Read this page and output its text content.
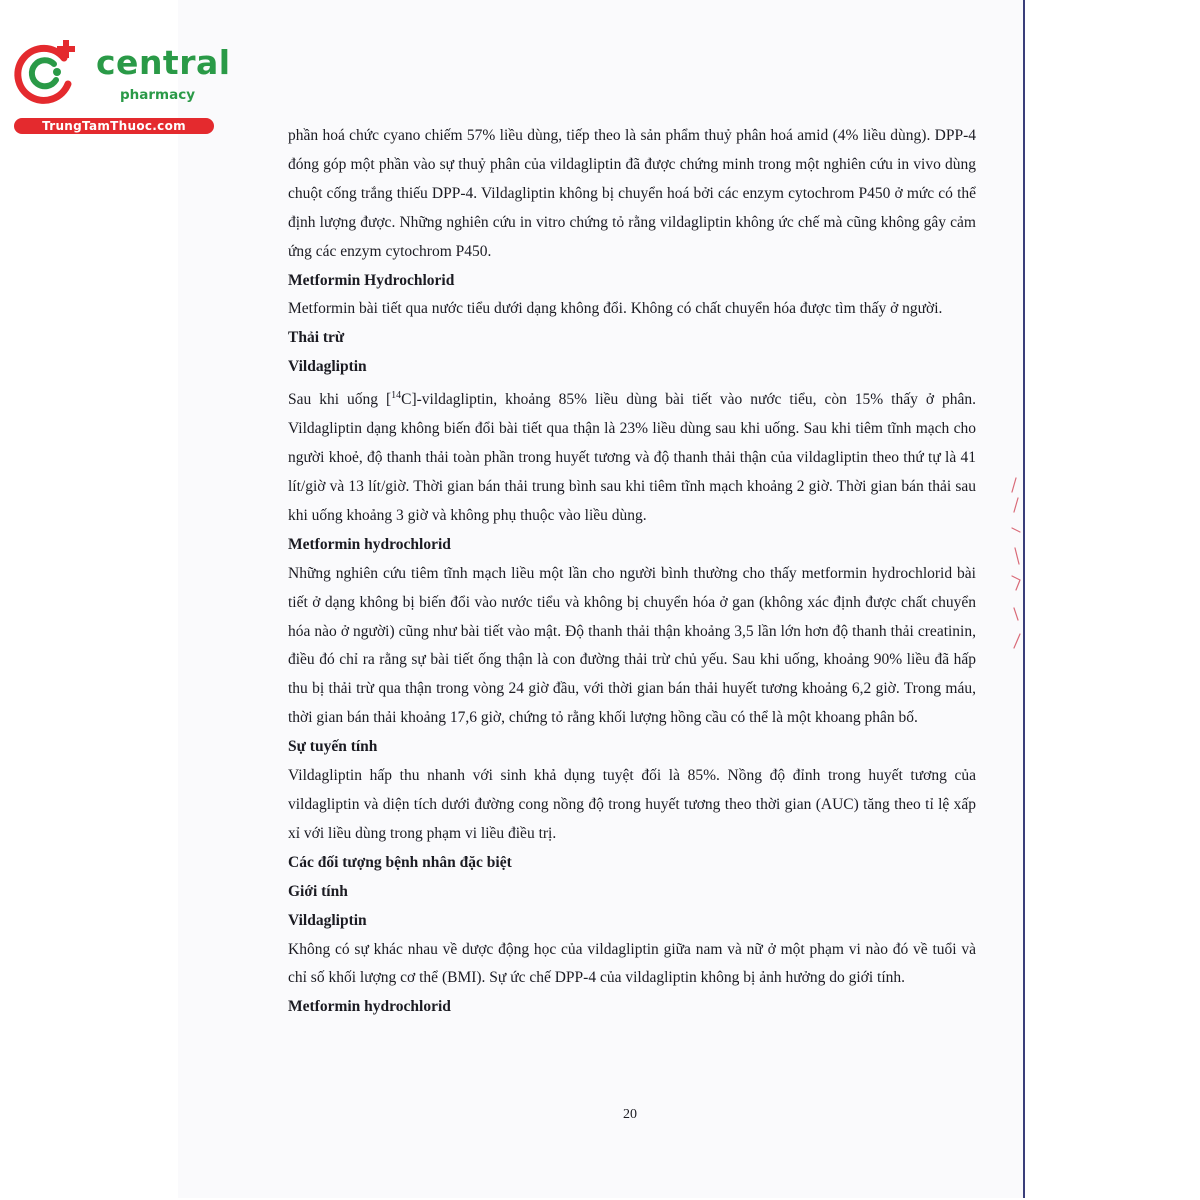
central
pharmacy
TrungTamThuoc.com

phần hoá chức cyano chiếm 57% liều dùng, tiếp theo là sản phẩm thuỷ phân hoá amid (4% liều dùng). DPP-4 đóng góp một phần vào sự thuỷ phân của vildagliptin đã được chứng minh trong một nghiên cứu in vivo dùng chuột cống trắng thiếu DPP-4. Vildagliptin không bị chuyển hoá bởi các enzym cytochrom P450 ở mức có thể định lượng được. Những nghiên cứu in vitro chứng tỏ rằng vildagliptin không ức chế mà cũng không gây cảm ứng các enzym cytochrom P450.

Metformin Hydrochlorid

Metformin bài tiết qua nước tiểu dưới dạng không đổi. Không có chất chuyển hóa được tìm thấy ở người.

Thải trừ

Vildagliptin

Sau khi uống [$^{14}$C]-vildagliptin, khoảng 85% liều dùng bài tiết vào nước tiểu, còn 15% thấy ở phân. Vildagliptin dạng không biến đổi bài tiết qua thận là 23% liều dùng sau khi uống. Sau khi tiêm tĩnh mạch cho người khoẻ, độ thanh thải toàn phần trong huyết tương và độ thanh thải thận của vildagliptin theo thứ tự là 41 lít/giờ và 13 lít/giờ. Thời gian bán thải trung bình sau khi tiêm tĩnh mạch khoảng 2 giờ. Thời gian bán thải sau khi uống khoảng 3 giờ và không phụ thuộc vào liều dùng.

Metformin hydrochlorid

Những nghiên cứu tiêm tĩnh mạch liều một lần cho người bình thường cho thấy metformin hydrochlorid bài tiết ở dạng không bị biến đổi vào nước tiểu và không bị chuyển hóa ở gan (không xác định được chất chuyển hóa nào ở người) cũng như bài tiết vào mật. Độ thanh thải thận khoảng 3,5 lần lớn hơn độ thanh thải creatinin, điều đó chỉ ra rằng sự bài tiết ống thận là con đường thải trừ chủ yếu. Sau khi uống, khoảng 90% liều đã hấp thu bị thải trừ qua thận trong vòng 24 giờ đầu, với thời gian bán thải huyết tương khoảng 6,2 giờ. Trong máu, thời gian bán thải khoảng 17,6 giờ, chứng tỏ rằng khối lượng hồng cầu có thể là một khoang phân bố.

Sự tuyến tính

Vildagliptin hấp thu nhanh với sinh khả dụng tuyệt đối là 85%. Nồng độ đỉnh trong huyết tương của vildagliptin và diện tích dưới đường cong nồng độ trong huyết tương theo thời gian (AUC) tăng theo tỉ lệ xấp xỉ với liều dùng trong phạm vi liều điều trị.

Các đối tượng bệnh nhân đặc biệt

Giới tính

Vildagliptin

Không có sự khác nhau về dược động học của vildagliptin giữa nam và nữ ở một phạm vi nào đó về tuổi và chỉ số khối lượng cơ thể (BMI). Sự ức chế DPP-4 của vildagliptin không bị ảnh hưởng do giới tính.

Metformin hydrochlorid

20
